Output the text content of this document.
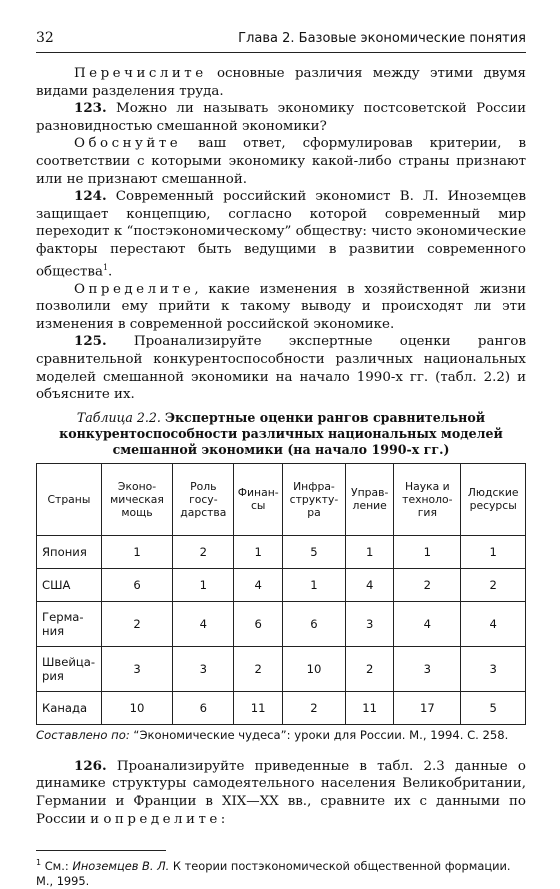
32	Глава 2. Базовые экономические понятия

Перечислите основные различия между этими двумя видами разделения труда.

123. Можно ли называть экономику постсоветской России разновидностью смешанной экономики?

Обоснуйте ваш ответ, сформулировав критерии, в соответствии с которыми экономику какой-либо страны признают или не признают смешанной.

124. Современный российский экономист В. Л. Иноземцев защищает концепцию, согласно которой современный мир переходит к “постэкономическому” обществу: чисто экономические факторы перестают быть ведущими в развитии современного общества$^1$.

Определите, какие изменения в хозяйственной жизни позволили ему прийти к такому выводу и происходят ли эти изменения в современной российской экономике.

125. Проанализируйте экспертные оценки рангов сравнительной конкурентоспособности различных национальных моделей смешанной экономики на начало 1990-х гг. (табл. 2.2) и объясните их.

Таблица 2.2. Экспертные оценки рангов сравнительной конкурентоспособности различных национальных моделей смешанной экономики (на начало 1990-х гг.)
Страны	Эконо-мическая мощь	Роль госу-дарства	Финан-сы	Инфра-структу-ра	Управ-ление	Наука и техноло-гия	Людские ресурсы
Япония	1	2	1	5	1	1	1
США	6	1	4	1	4	2	2
Герма-ния	2	4	6	6	3	4	4
Швейца-рия	3	3	2	10	2	3	3
Канада	10	6	11	2	11	17	5
Составлено по: “Экономические чудеса”: уроки для России. М., 1994. С. 258.

126. Проанализируйте приведенные в табл. 2.3 данные о динамике структуры самодеятельного населения Великобритании, Германии и Франции в XIX—XX вв., сравните их с данными по России и определите:

$^1$ См.: Иноземцев В. Л. К теории постэкономической общественной формации. М., 1995.
